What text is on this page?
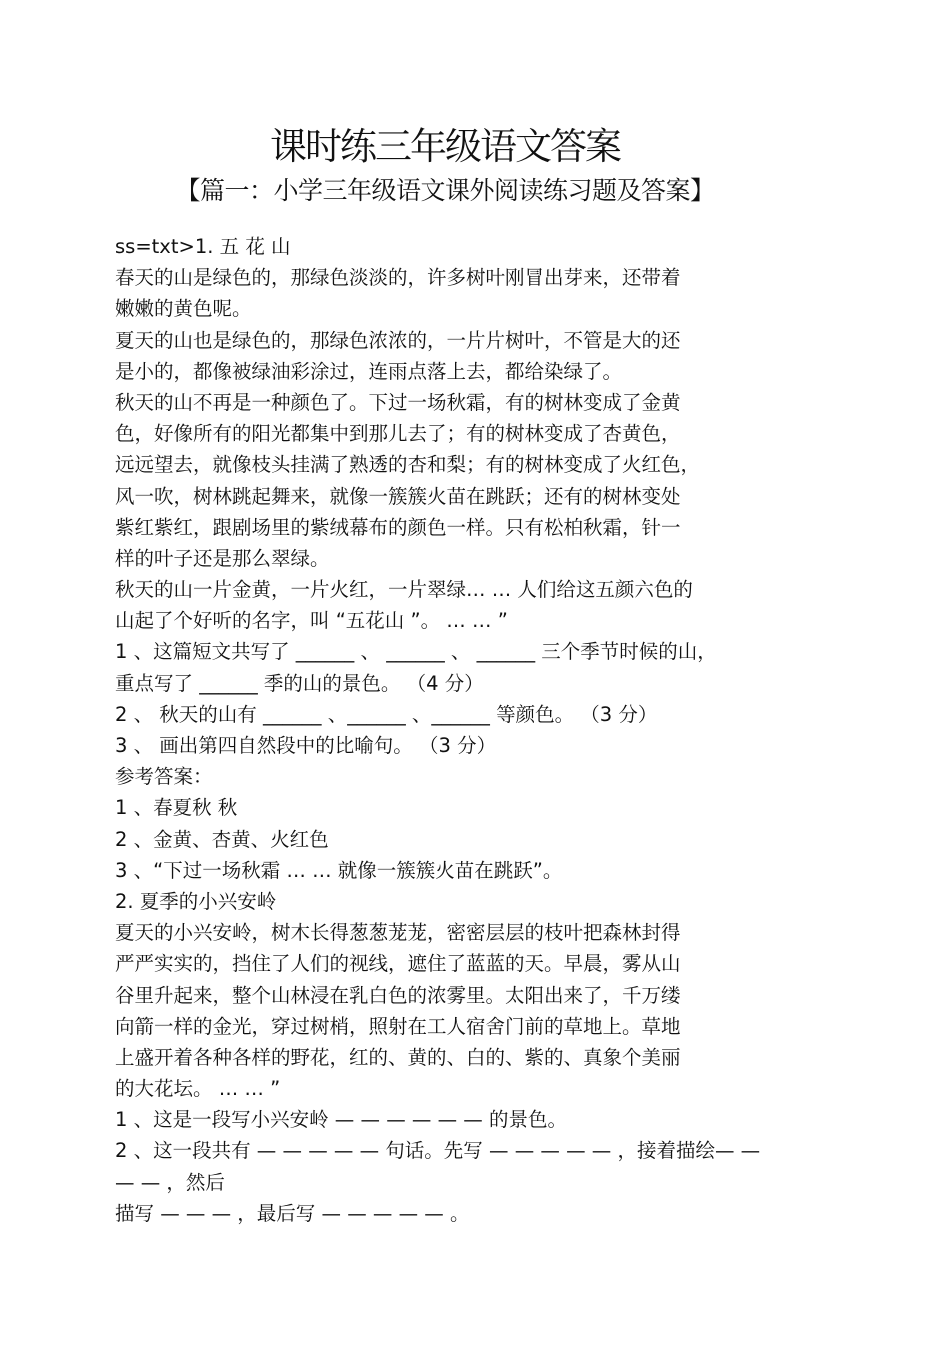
课时练三年级语文答案
【篇一：小学三年级语文课外阅读练习题及答案】
ss=txt>1. 五 花 山
春天的山是绿色的，那绿色淡淡的，许多树叶刚冒出芽来，还带着
嫩嫩的黄色呢。
夏天的山也是绿色的，那绿色浓浓的，一片片树叶，不管是大的还
是小的，都像被绿油彩涂过，连雨点落上去，都给染绿了。
秋天的山不再是一种颜色了。下过一场秋霜，有的树林变成了金黄
色，好像所有的阳光都集中到那儿去了；有的树林变成了杏黄色，
远远望去，就像枝头挂满了熟透的杏和梨；有的树林变成了火红色，
风一吹，树林跳起舞来，就像一簇簇火苗在跳跃；还有的树林变处
紫红紫红，跟剧场里的紫绒幕布的颜色一样。只有松柏秋霜，针一
样的叶子还是那么翠绿。
秋天的山一片金黄，一片火红，一片翠绿… … 人们给这五颜六色的
山起了个好听的名字，叫 “五花山 ”。 … … ”
1 、这篇短文共写了 ______ 、 ______ 、 ______ 三个季节时候的山，
重点写了 ______ 季的山的景色。 （4 分）
2 、 秋天的山有 ______ 、______ 、______ 等颜色。 （3 分）
3 、 画出第四自然段中的比喻句。 （3 分）
参考答案：
1 、春夏秋 秋
2 、金黄、杏黄、火红色
3 、“下过一场秋霜 … … 就像一簇簇火苗在跳跃”。
2. 夏季的小兴安岭
夏天的小兴安岭，树木长得葱葱茏茏，密密层层的枝叶把森林封得
严严实实的，挡住了人们的视线，遮住了蓝蓝的天。早晨，雾从山
谷里升起来，整个山林浸在乳白色的浓雾里。太阳出来了，千万缕
向箭一样的金光，穿过树梢，照射在工人宿舍门前的草地上。草地
上盛开着各种各样的野花，红的、黄的、白的、紫的、真象个美丽
的大花坛。 … … ”
1 、这是一段写小兴安岭 — — — — — — 的景色。
2 、这一段共有 — — — — — 句话。先写 — — — — — ，接着描绘— —
— — ，然后
描写 — — — ，最后写 — — — — — 。
